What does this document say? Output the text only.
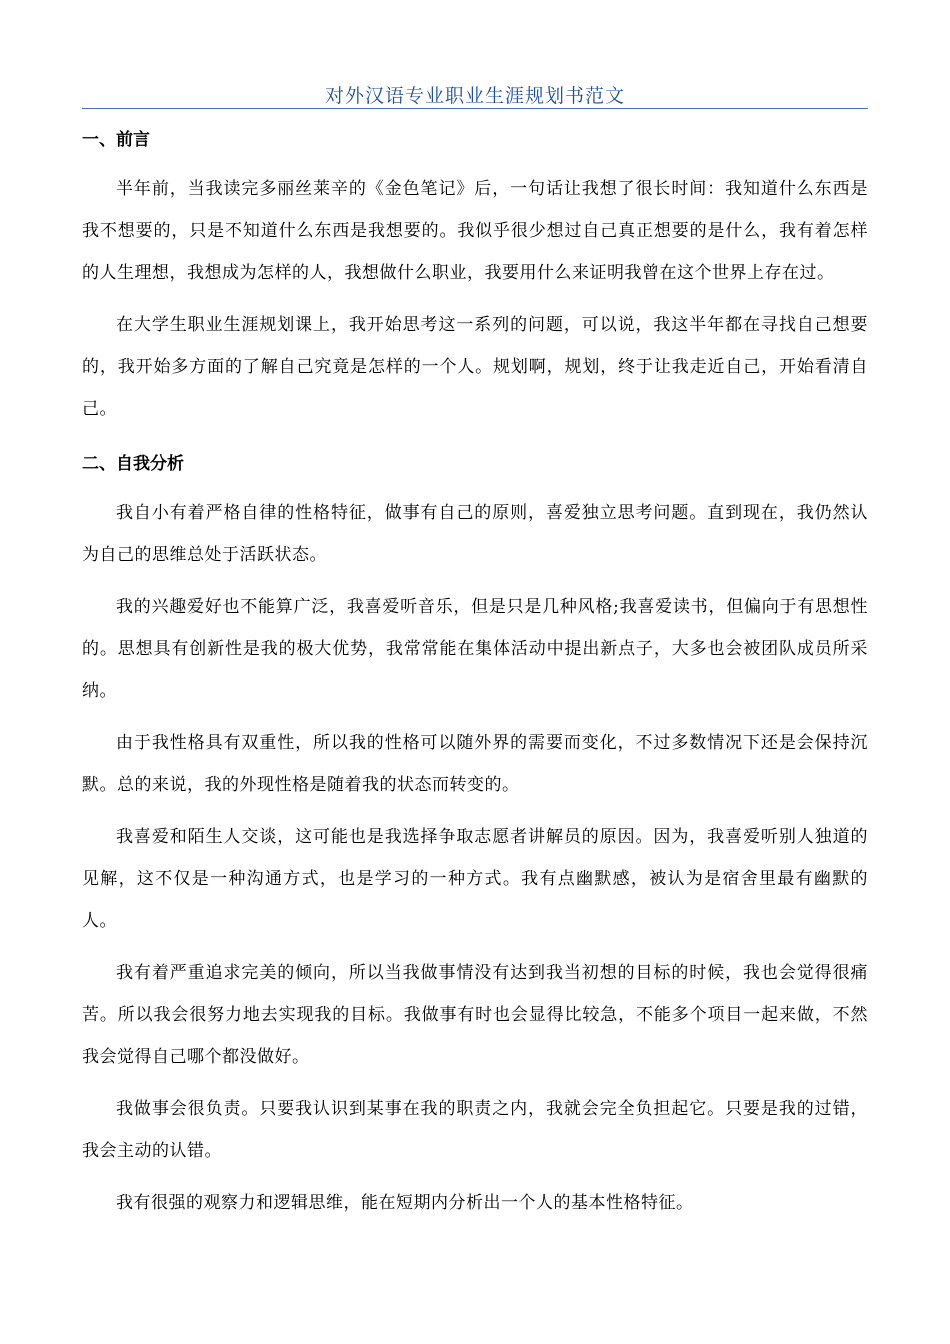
对外汉语专业职业生涯规划书范文

一、前言

半年前，当我读完多丽丝莱辛的《金色笔记》后，一句话让我想了很长时间：我知道什么东西是我不想要的，只是不知道什么东西是我想要的。我似乎很少想过自己真正想要的是什么，我有着怎样的人生理想，我想成为怎样的人，我想做什么职业，我要用什么来证明我曾在这个世界上存在过。

在大学生职业生涯规划课上，我开始思考这一系列的问题，可以说，我这半年都在寻找自己想要的，我开始多方面的了解自己究竟是怎样的一个人。规划啊，规划，终于让我走近自己，开始看清自己。

二、自我分析

我自小有着严格自律的性格特征，做事有自己的原则，喜爱独立思考问题。直到现在，我仍然认为自己的思维总处于活跃状态。

我的兴趣爱好也不能算广泛，我喜爱听音乐，但是只是几种风格;我喜爱读书，但偏向于有思想性的。思想具有创新性是我的极大优势，我常常能在集体活动中提出新点子，大多也会被团队成员所采纳。

由于我性格具有双重性，所以我的性格可以随外界的需要而变化，不过多数情况下还是会保持沉默。总的来说，我的外现性格是随着我的状态而转变的。

我喜爱和陌生人交谈，这可能也是我选择争取志愿者讲解员的原因。因为，我喜爱听别人独道的见解，这不仅是一种沟通方式，也是学习的一种方式。我有点幽默感，被认为是宿舍里最有幽默的人。

我有着严重追求完美的倾向，所以当我做事情没有达到我当初想的目标的时候，我也会觉得很痛苦。所以我会很努力地去实现我的目标。我做事有时也会显得比较急，不能多个项目一起来做，不然我会觉得自己哪个都没做好。

我做事会很负责。只要我认识到某事在我的职责之内，我就会完全负担起它。只要是我的过错，我会主动的认错。

我有很强的观察力和逻辑思维，能在短期内分析出一个人的基本性格特征。
